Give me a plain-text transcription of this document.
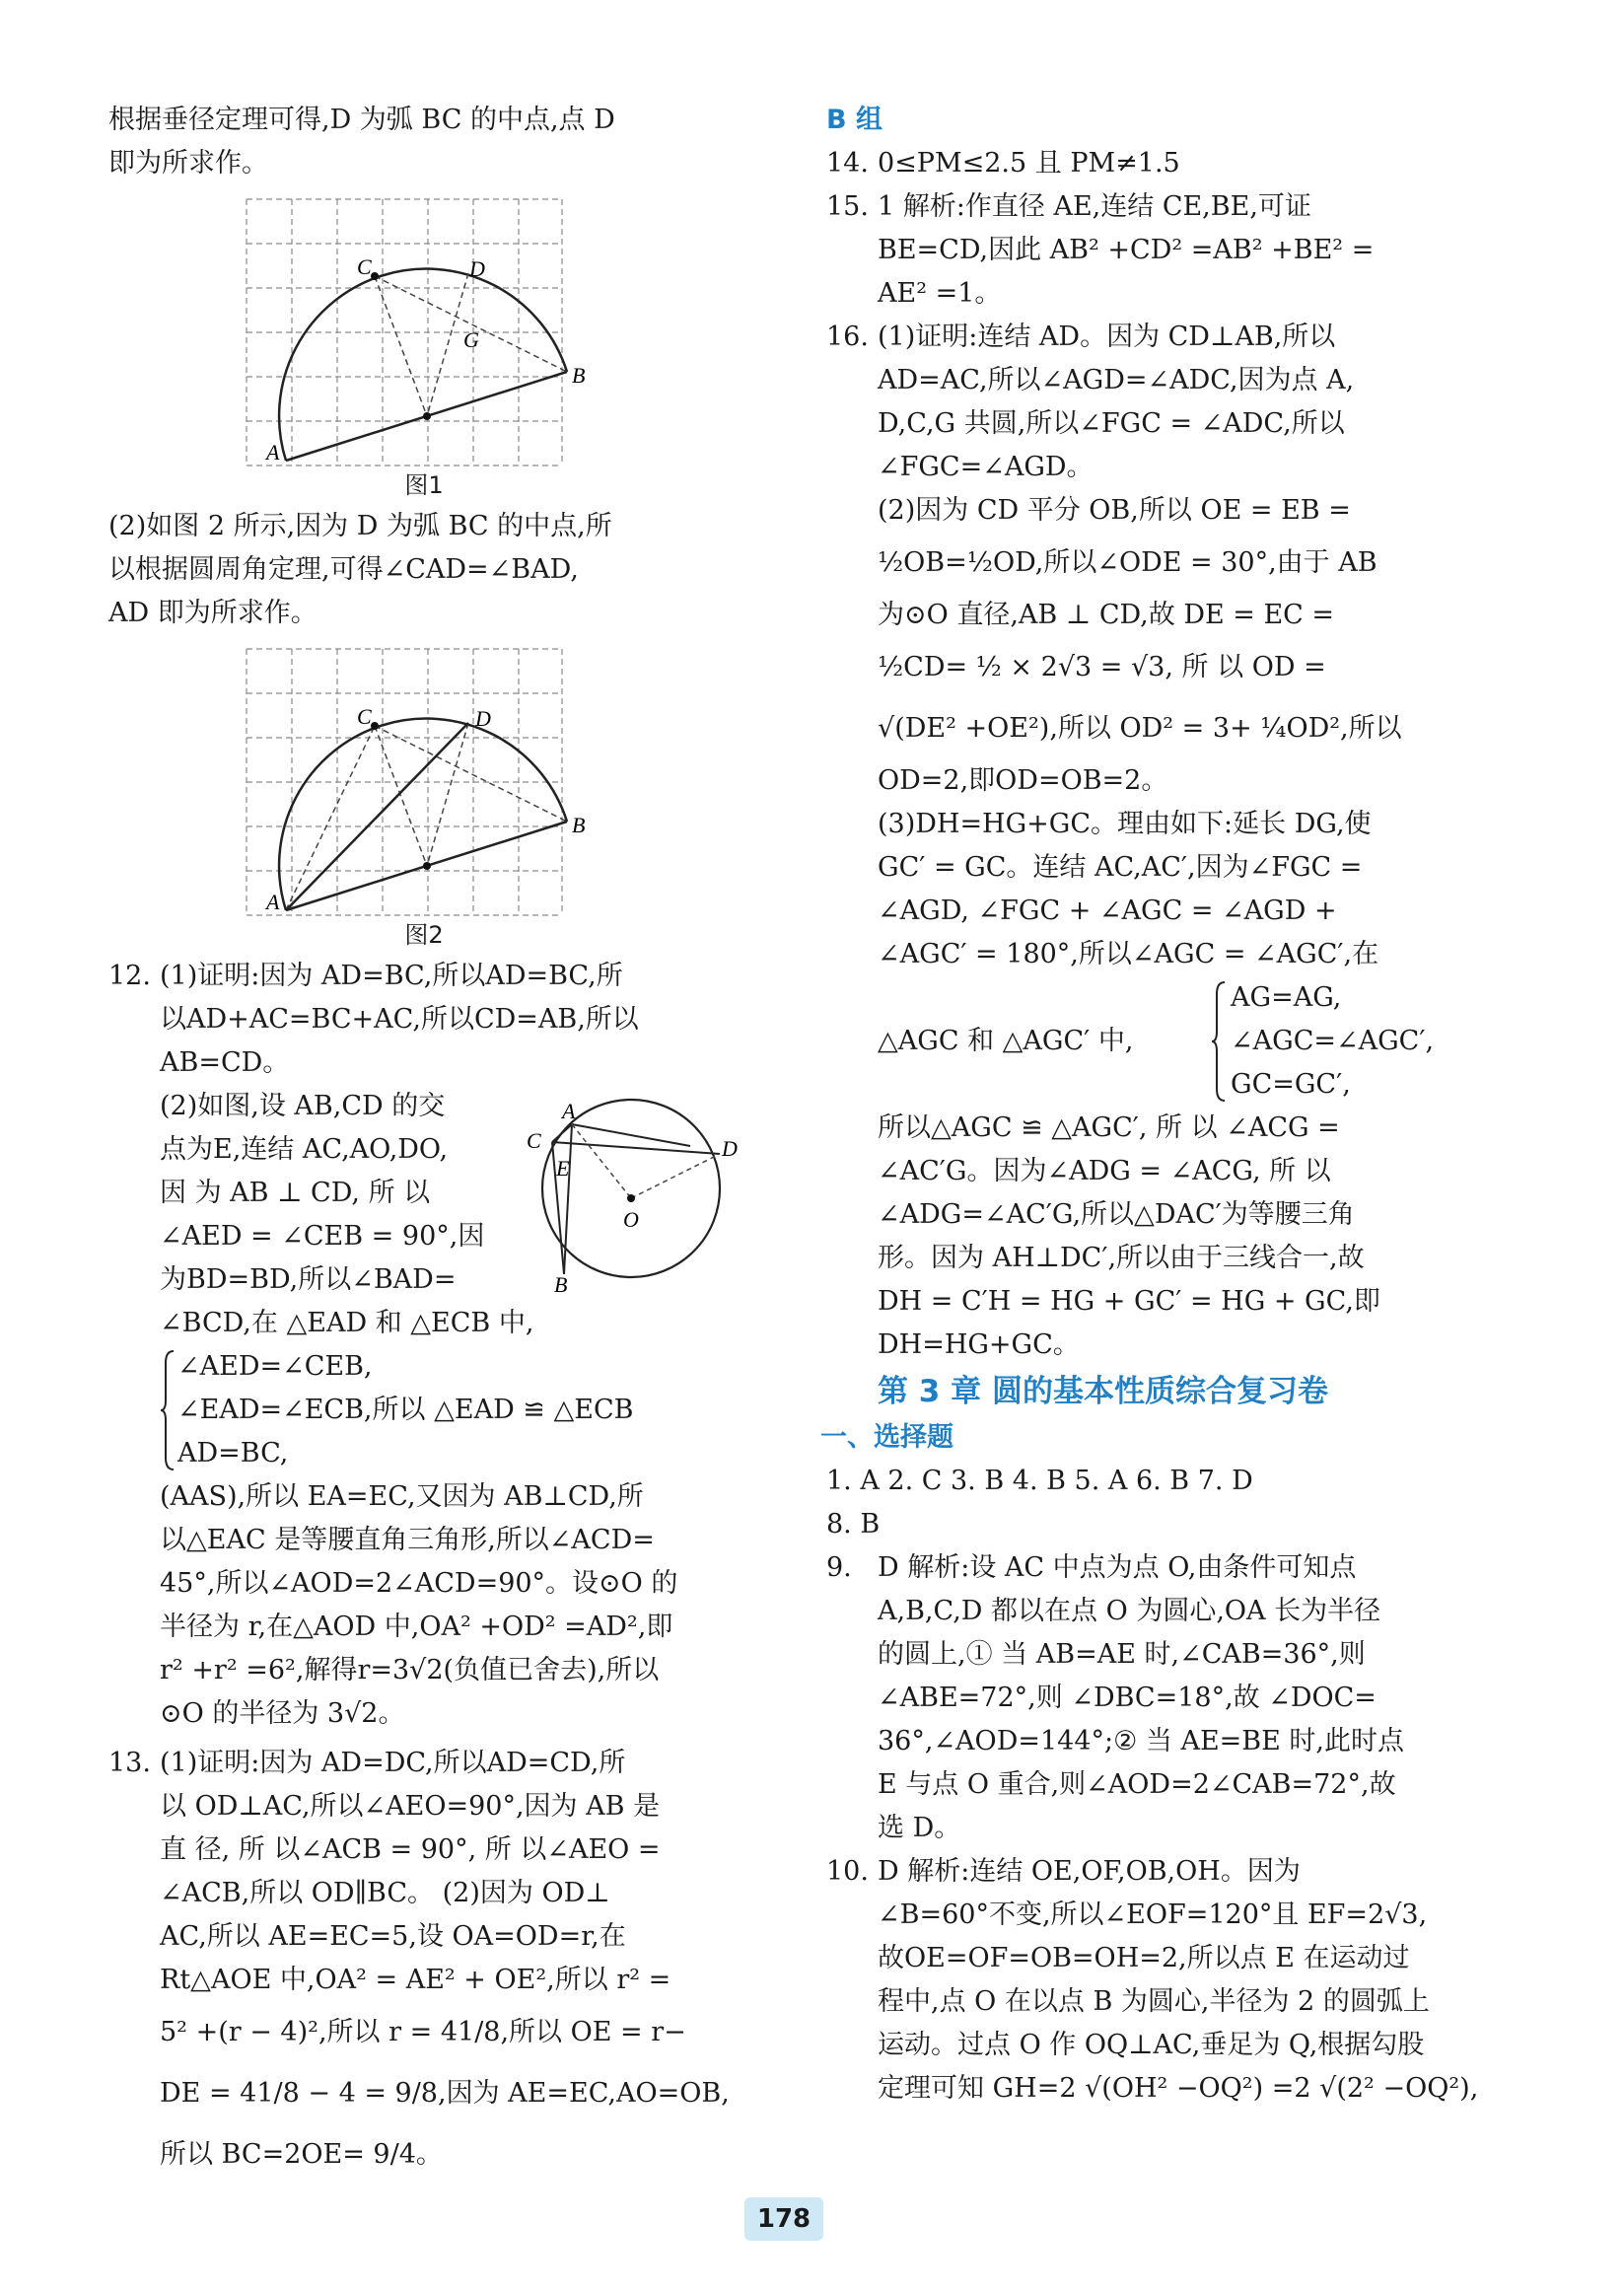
根据垂径定理可得,D 为弧 BC 的中点,点 D
即为所求作。
A
C	D
G
B
图1
(2)如图 2 所示,因为 D 为弧 BC 的中点,所
以根据圆周角定理,可得∠CAD=∠BAD,
AD 即为所求作。
A
C	D
B
图2
12. (1)证明:因为 AD=BC,所以AD=BC,所
以AD+AC=BC+AC,所以CD=AB,所以
AB=CD。
A
C
E
D
O
B
(2)如图,设 AB,CD 的交
点为E,连结 AC,AO,DO,
因 为 AB ⊥ CD, 所 以
∠AED = ∠CEB = 90°,因
为BD=BD,所以∠BAD=
∠BCD,在 △EAD 和 △ECB 中,
∠AED=∠CEB,
∠EAD=∠ECB,所以 △EAD ≌ △ECB
AD=BC,
(AAS),所以 EA=EC,又因为 AB⊥CD,所
以△EAC 是等腰直角三角形,所以∠ACD=
45°,所以∠AOD=2∠ACD=90°。设⊙O 的
半径为 r,在△AOD 中,OA² +OD² =AD²,即
r² +r² =6²,解得r=3√2(负值已舍去),所以
⊙O 的半径为 3√2。
13. (1)证明:因为 AD=DC,所以AD=CD,所
以 OD⊥AC,所以∠AEO=90°,因为 AB 是
直 径, 所 以∠ACB = 90°, 所 以∠AEO =
∠ACB,所以 OD∥BC。 (2)因为 OD⊥
AC,所以 AE=EC=5,设 OA=OD=r,在
Rt△AOE 中,OA² = AE² + OE²,所以 r² =
5² +(r − 4)²,所以 r = 41/8,所以 OE = r−
DE = 41/8 − 4 = 9/8,因为 AE=EC,AO=OB,
所以 BC=2OE= 9/4。
B 组
14. 0≤PM≤2.5 且 PM≠1.5
15. 1 解析:作直径 AE,连结 CE,BE,可证
BE=CD,因此 AB² +CD² =AB² +BE² =
AE² =1。
16. (1)证明:连结 AD。因为 CD⊥AB,所以
AD=AC,所以∠AGD=∠ADC,因为点 A,
D,C,G 共圆,所以∠FGC = ∠ADC,所以
∠FGC=∠AGD。
(2)因为 CD 平分 OB,所以 OE = EB =
½OB=½OD,所以∠ODE = 30°,由于 AB
为⊙O 直径,AB ⊥ CD,故 DE = EC =
½CD= ½ × 2√3 = √3, 所 以 OD =
√(DE² +OE²),所以 OD² = 3+ ¼OD²,所以
OD=2,即OD=OB=2。
(3)DH=HG+GC。理由如下:延长 DG,使
GC′ = GC。连结 AC,AC′,因为∠FGC =
∠AGD, ∠FGC + ∠AGC = ∠AGD +
∠AGC′ = 180°,所以∠AGC = ∠AGC′,在
△AGC 和 △AGC′ 中,
AG=AG,
∠AGC=∠AGC′,
GC=GC′,
所以△AGC ≌ △AGC′, 所 以 ∠ACG =
∠AC′G。因为∠ADG = ∠ACG, 所 以
∠ADG=∠AC′G,所以△DAC′为等腰三角
形。因为 AH⊥DC′,所以由于三线合一,故
DH = C′H = HG + GC′ = HG + GC,即
DH=HG+GC。
第 3 章 圆的基本性质综合复习卷
一、选择题
1. A 2. C 3. B 4. B 5. A 6. B 7. D
8. B
9. D 解析:设 AC 中点为点 O,由条件可知点
A,B,C,D 都以在点 O 为圆心,OA 长为半径
的圆上,① 当 AB=AE 时,∠CAB=36°,则
∠ABE=72°,则 ∠DBC=18°,故 ∠DOC=
36°,∠AOD=144°;② 当 AE=BE 时,此时点
E 与点 O 重合,则∠AOD=2∠CAB=72°,故
选 D。
10. D 解析:连结 OE,OF,OB,OH。因为
∠B=60°不变,所以∠EOF=120°且 EF=2√3,
故OE=OF=OB=OH=2,所以点 E 在运动过
程中,点 O 在以点 B 为圆心,半径为 2 的圆弧上
运动。过点 O 作 OQ⊥AC,垂足为 Q,根据勾股
定理可知 GH=2 √(OH² −OQ²) =2 √(2² −OQ²),
178
